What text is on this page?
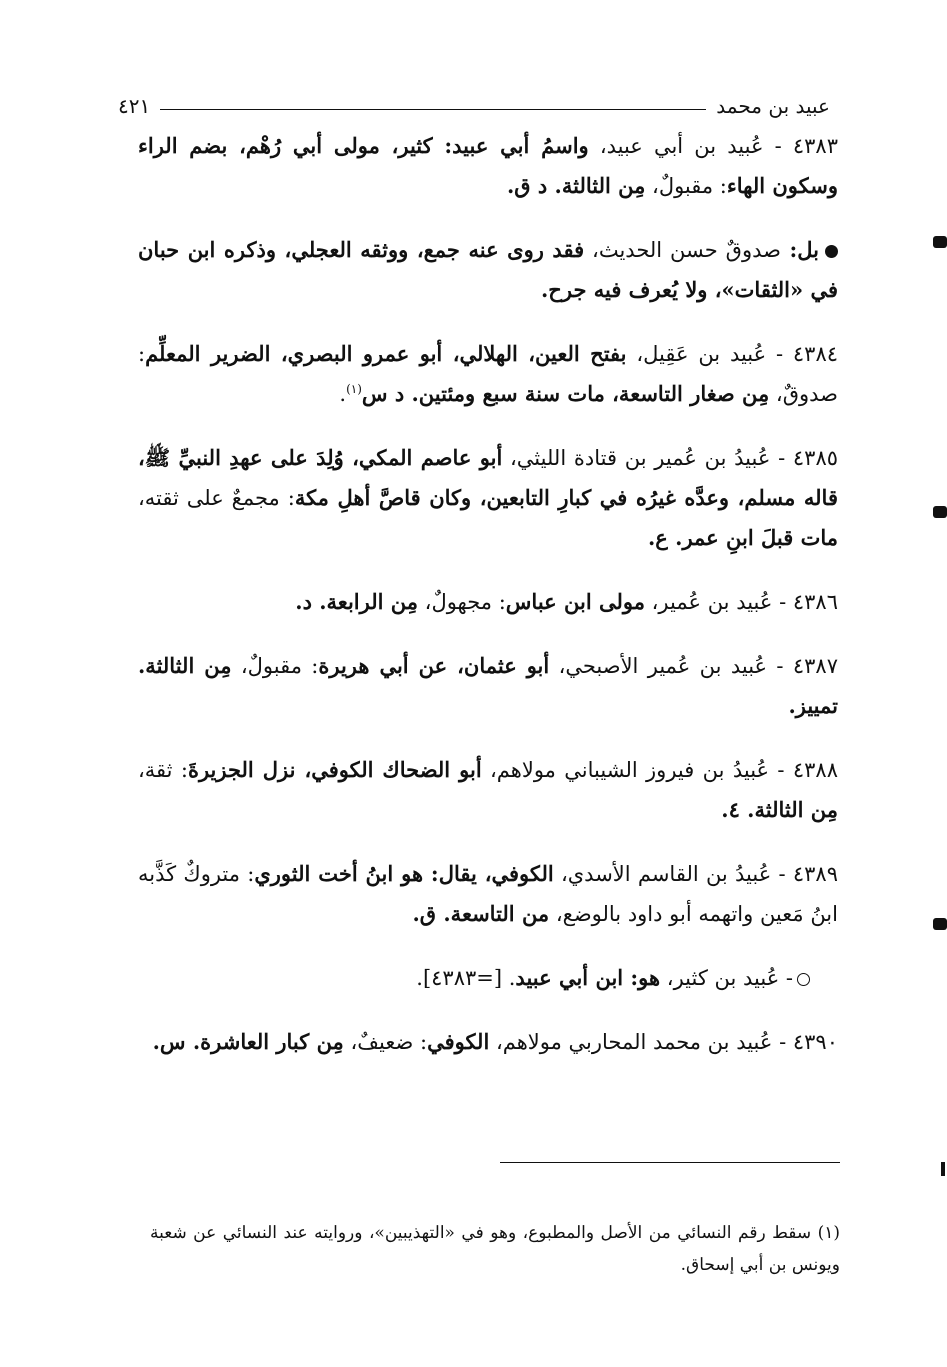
عبيد بن محمد
٤٢١

٤٣٨٣ - عُبيد بن أبي عبيد، واسمُ أبي عبيد: كثير، مولى أبي رُهْم، بضم الراء وسكون الهاء: مقبولٌ، مِن الثالثة. د ق.

بل: صدوقٌ حسن الحديث، فقد روى عنه جمع، ووثقه العجلي، وذكره ابن حبان في «الثقات»، ولا يُعرف فيه جرح.

٤٣٨٤ - عُبيد بن عَقِيل، بفتح العين، الهلالي، أبو عمرو البصري، الضرير المعلِّم: صدوقٌ، مِن صغار التاسعة، مات سنة سبع ومئتين. د س$^{(١)}$.

٤٣٨٥ - عُبيدُ بن عُمير بن قتادة الليثي، أبو عاصم المكي، وُلِدَ على عهدِ النبيِّ ﷺ، قاله مسلم، وعدَّه غيرُه في كبارِ التابعين، وكان قاصَّ أهلِ مكة: مجمعٌ على ثقته، مات قبلَ ابنِ عمر. ع.

٤٣٨٦ - عُبيد بن عُمير، مولى ابن عباس: مجهولٌ، مِن الرابعة. د.

٤٣٨٧ - عُبيد بن عُمير الأصبحي، أبو عثمان، عن أبي هريرة: مقبولٌ، مِن الثالثة. تمييز.

٤٣٨٨ - عُبيدُ بن فيروز الشيباني مولاهم، أبو الضحاك الكوفي، نزل الجزيرةَ: ثقة، مِن الثالثة. ٤.

٤٣٨٩ - عُبيدُ بن القاسم الأسدي، الكوفي، يقال: هو ابنُ أخت الثوري: متروكٌ كَذَّبه ابنُ مَعين واتهمه أبو داود بالوضع، من التاسعة. ق.

- عُبيد بن كثير، هو: ابن أبي عبيد. [=٤٣٨٣].

٤٣٩٠ - عُبيد بن محمد المحاربي مولاهم، الكوفي: ضعيفٌ، مِن كبار العاشرة. س.

(١) سقط رقم النسائي من الأصل والمطبوع، وهو في «التهذيبين»، وروايته عند النسائي عن شعبة ويونس بن أبي إسحاق.
